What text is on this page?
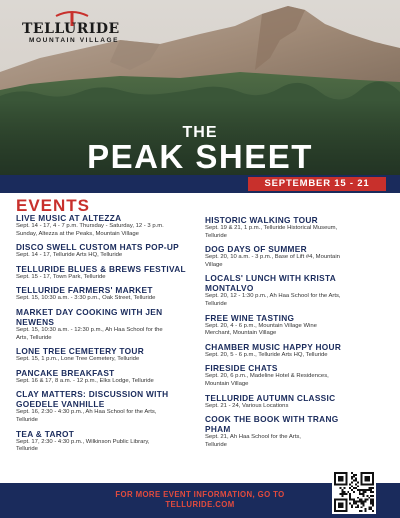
TELLURIDE
MOUNTAIN VILLAGE
THE
PEAK SHEET
SEPTEMBER 15 - 21
EVENTS
LIVE MUSIC AT ALTEZZA
Sept. 14 - 17, 4 - 7 p.m. Thursday - Saturday, 12 - 3 p.m.
Sunday, Altezza at the Peaks, Mountain Village
DISCO SWELL CUSTOM HATS POP-UP
Sept. 14 - 17, Telluride Arts HQ, Telluride
TELLURIDE BLUES & BREWS FESTIVAL
Sept. 15 - 17, Town Park, Telluride
TELLURIDE FARMERS' MARKET
Sept. 15, 10:30 a.m. - 3:30 p.m., Oak Street, Telluride
MARKET DAY COOKING WITH JEN
NEWENS
Sept. 15, 10:30 a.m. - 12:30 p.m., Ah Haa School for the
Arts, Telluride
LONE TREE CEMETERY TOUR
Sept. 15, 1 p.m., Lone Tree Cemetery, Telluride
PANCAKE BREAKFAST
Sept. 16 & 17, 8 a.m. - 12 p.m., Elks Lodge, Telluride
CLAY MATTERS: DISCUSSION WITH
GOEDELE VANHILLE
Sept. 16, 2:30 - 4:30 p.m., Ah Haa School for the Arts,
Telluride
TEA & TAROT
Sept. 17, 2:30 - 4:30 p.m., Wilkinson Public Library,
Telluride
HISTORIC WALKING TOUR
Sept. 19 & 21, 1 p.m., Telluride Historical Museum,
Telluride
DOG DAYS OF SUMMER
Sept. 20, 10 a.m. - 3 p.m., Base of Lift #4, Mountain
Village
LOCALS' LUNCH WITH KRISTA
MONTALVO
Sept. 20, 12 - 1:30 p.m., Ah Haa School for the Arts,
Telluride
FREE WINE TASTING
Sept. 20, 4 - 6 p.m., Mountain Village Wine
Merchant, Mountain Village
CHAMBER MUSIC HAPPY HOUR
Sept. 20, 5 - 6 p.m., Telluride Arts HQ, Telluride
FIRESIDE CHATS
Sept. 20, 6 p.m., Madeline Hotel & Residences,
Mountain Village
TELLURIDE AUTUMN CLASSIC
Sept. 21 - 24, Various Locations
COOK THE BOOK WITH TRANG
PHAM
Sept. 21, Ah Haa School for the Arts,
Telluride
FOR MORE EVENT INFORMATION, GO TO
TELLURIDE.COM
